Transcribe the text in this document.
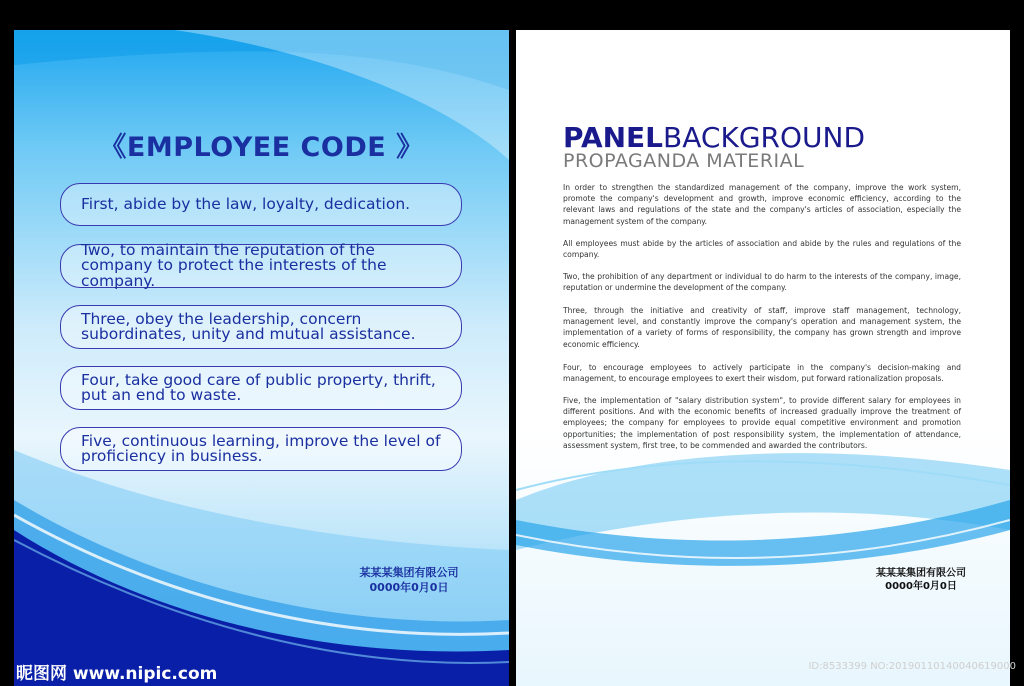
《EMPLOYEE CODE 》
First, abide by the law, loyalty, dedication.
Two, to maintain the reputation of the company to protect the interests of the company.
Three, obey the leadership, concern subordinates, unity and mutual assistance.
Four, take good care of public property, thrift, put an end to waste.
Five, continuous learning, improve the level of proficiency in business.
某某某集团有限公司
0000年0月0日
昵图网 www.nipic.com
PANELBACKGROUND
PROPAGANDA MATERIAL
In order to strengthen the standardized management of the company, improve the work system, promote the company's development and growth, improve economic efficiency, according to the relevant laws and regulations of the state and the company's articles of association, especially the management system of the company.
All employees must abide by the articles of association and abide by the rules and regulations of the company.
Two, the prohibition of any department or individual to do harm to the interests of the company, image, reputation or undermine the development of the company.
Three, through the initiative and creativity of staff, improve staff management, technology, management level, and constantly improve the company's operation and management system, the implementation of a variety of forms of responsibility, the company has grown strength and improve economic efficiency.
Four, to encourage employees to actively participate in the company's decision-making and management, to encourage employees to exert their wisdom, put forward rationalization proposals.
Five, the implementation of "salary distribution system", to provide different salary for employees in different positions. And with the economic benefits of increased gradually improve the treatment of employees; the company for employees to provide equal competitive environment and promotion opportunities; the implementation of post responsibility system, the implementation of attendance, assessment system, first tree, to be commended and awarded the contributors.
某某某集团有限公司
0000年0月0日
ID:8533399 NO:20190110140040619000
